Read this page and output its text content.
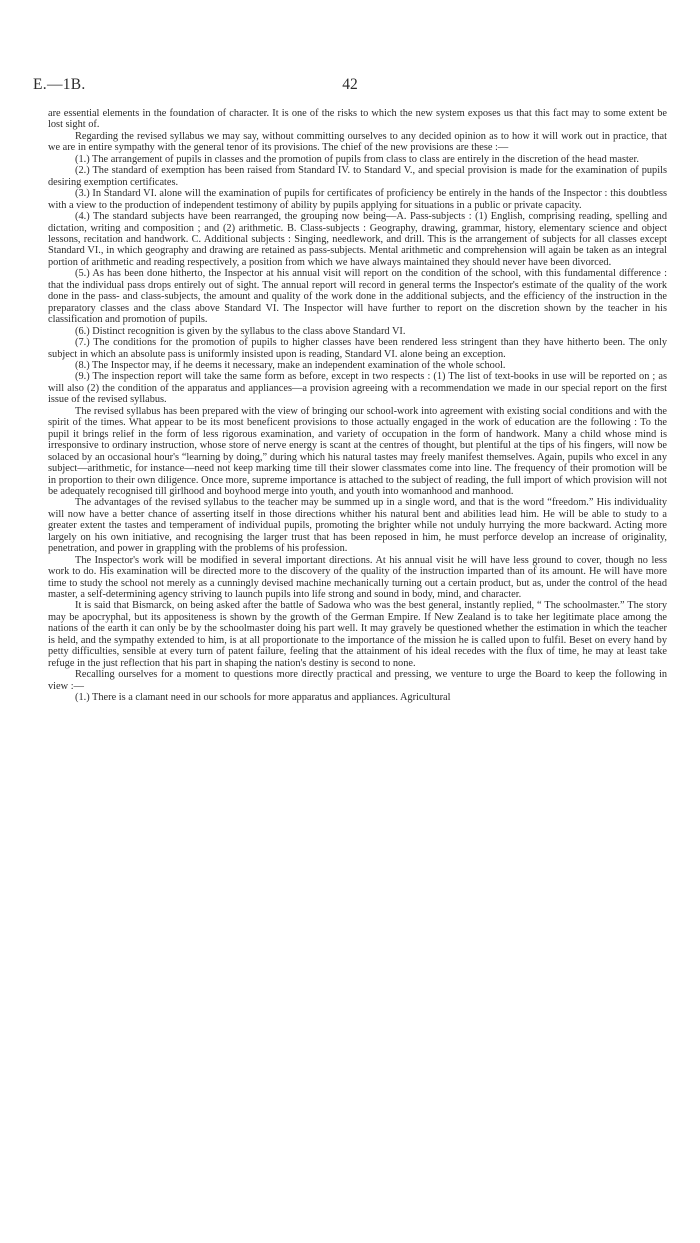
E.—1B.	42

are essential elements in the foundation of character. It is one of the risks to which the new system exposes us that this fact may to some extent be lost sight of.

Regarding the revised syllabus we may say, without committing ourselves to any decided opinion as to how it will work out in practice, that we are in entire sympathy with the general tenor of its provisions. The chief of the new provisions are these :—

(1.) The arrangement of pupils in classes and the promotion of pupils from class to class are entirely in the discretion of the head master.

(2.) The standard of exemption has been raised from Standard IV. to Standard V., and special provision is made for the examination of pupils desiring exemption certificates.

(3.) In Standard VI. alone will the examination of pupils for certificates of proficiency be entirely in the hands of the Inspector : this doubtless with a view to the production of independent testimony of ability by pupils applying for situations in a public or private capacity.

(4.) The standard subjects have been rearranged, the grouping now being—A. Pass-subjects : (1) English, comprising reading, spelling and dictation, writing and composition ; and (2) arithmetic. B. Class-subjects : Geography, drawing, grammar, history, elementary science and object lessons, recitation and handwork. C. Additional subjects : Singing, needlework, and drill. This is the arrangement of subjects for all classes except Standard VI., in which geography and drawing are retained as pass-subjects. Mental arithmetic and comprehension will again be taken as an integral portion of arithmetic and reading respectively, a position from which we have always maintained they should never have been divorced.

(5.) As has been done hitherto, the Inspector at his annual visit will report on the condition of the school, with this fundamental difference : that the individual pass drops entirely out of sight. The annual report will record in general terms the Inspector's estimate of the quality of the work done in the pass- and class-subjects, the amount and quality of the work done in the additional subjects, and the efficiency of the instruction in the preparatory classes and the class above Standard VI. The Inspector will have further to report on the discretion shown by the teacher in his classification and promotion of pupils.

(6.) Distinct recognition is given by the syllabus to the class above Standard VI.

(7.) The conditions for the promotion of pupils to higher classes have been rendered less stringent than they have hitherto been. The only subject in which an absolute pass is uniformly insisted upon is reading, Standard VI. alone being an exception.

(8.) The Inspector may, if he deems it necessary, make an independent examination of the whole school.

(9.) The inspection report will take the same form as before, except in two respects : (1) The list of text-books in use will be reported on ; as will also (2) the condition of the apparatus and appliances—a provision agreeing with a recommendation we made in our special report on the first issue of the revised syllabus.

The revised syllabus has been prepared with the view of bringing our school-work into agreement with existing social conditions and with the spirit of the times. What appear to be its most beneficent provisions to those actually engaged in the work of education are the following : To the pupil it brings relief in the form of less rigorous examination, and variety of occupation in the form of handwork. Many a child whose mind is irresponsive to ordinary instruction, whose store of nerve energy is scant at the centres of thought, but plentiful at the tips of his fingers, will now be solaced by an occasional hour's “learning by doing,” during which his natural tastes may freely manifest themselves. Again, pupils who excel in any subject—arithmetic, for instance—need not keep marking time till their slower classmates come into line. The frequency of their promotion will be in proportion to their own diligence. Once more, supreme importance is attached to the subject of reading, the full import of which provision will not be adequately recognised till girlhood and boyhood merge into youth, and youth into womanhood and manhood.

The advantages of the revised syllabus to the teacher may be summed up in a single word, and that is the word “freedom.” His individuality will now have a better chance of asserting itself in those directions whither his natural bent and abilities lead him. He will be able to study to a greater extent the tastes and temperament of individual pupils, promoting the brighter while not unduly hurrying the more backward. Acting more largely on his own initiative, and recognising the larger trust that has been reposed in him, he must perforce develop an increase of originality, penetration, and power in grappling with the problems of his profession.

The Inspector's work will be modified in several important directions. At his annual visit he will have less ground to cover, though no less work to do. His examination will be directed more to the discovery of the quality of the instruction imparted than of its amount. He will have more time to study the school not merely as a cunningly devised machine mechanically turning out a certain product, but as, under the control of the head master, a self-determining agency striving to launch pupils into life strong and sound in body, mind, and character.

It is said that Bismarck, on being asked after the battle of Sadowa who was the best general, instantly replied, “ The schoolmaster.” The story may be apocryphal, but its appositeness is shown by the growth of the German Empire. If New Zealand is to take her legitimate place among the nations of the earth it can only be by the schoolmaster doing his part well. It may gravely be questioned whether the estimation in which the teacher is held, and the sympathy extended to him, is at all proportionate to the importance of the mission he is called upon to fulfil. Beset on every hand by petty difficulties, sensible at every turn of patent failure, feeling that the attainment of his ideal recedes with the flux of time, he may at least take refuge in the just reflection that his part in shaping the nation's destiny is second to none.

Recalling ourselves for a moment to questions more directly practical and pressing, we venture to urge the Board to keep the following in view :—

(1.) There is a clamant need in our schools for more apparatus and appliances. Agricultural
